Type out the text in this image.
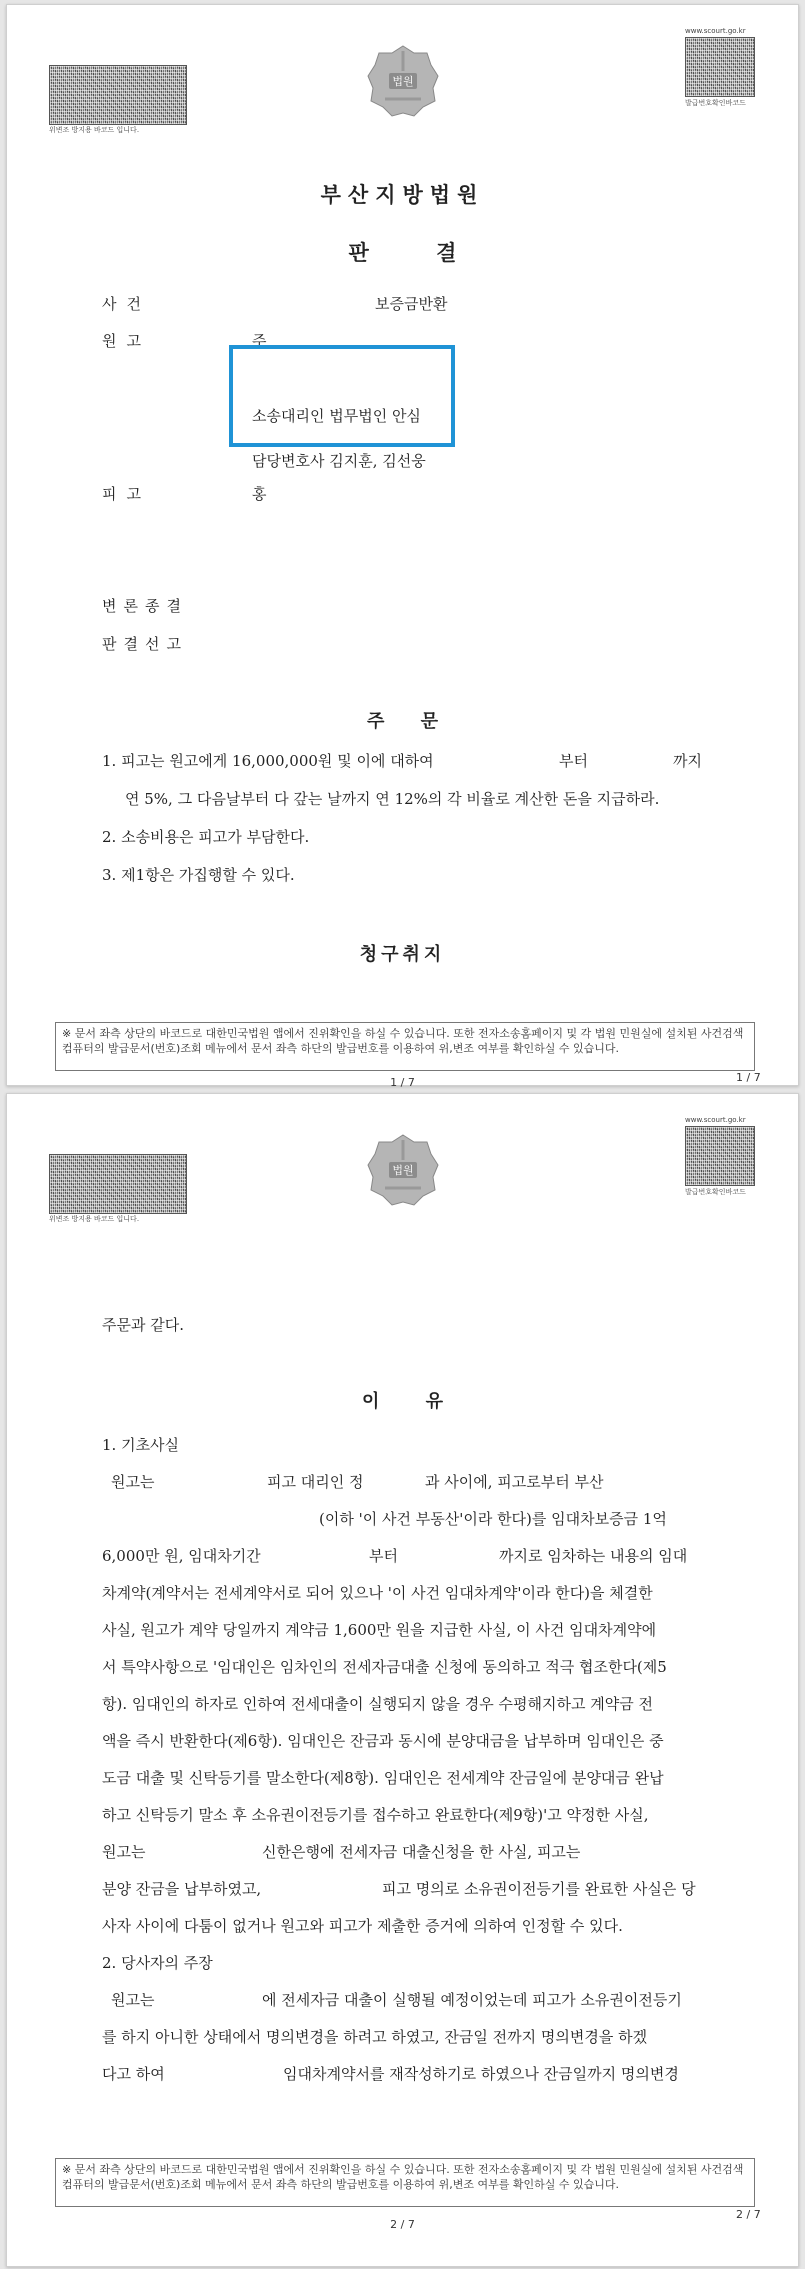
위변조 방지용 바코드 입니다.
법원
www.scourt.go.kr
발급번호확인바코드
부산지방법원
판 결
사건	보증금반환
원고	주
소송대리인 법무법인 안심
담당변호사 김지훈, 김선웅
피고	홍
변론종결
판결선고
주 문
1. 피고는 원고에게 16,000,000원 및 이에 대하여	부터	까지
연 5%, 그 다음날부터 다 갚는 날까지 연 12%의 각 비율로 계산한 돈을 지급하라.
2. 소송비용은 피고가 부담한다.
3. 제1항은 가집행할 수 있다.
청구취지
※ 문서 좌측 상단의 바코드로 대한민국법원 앱에서 진위확인을 하실 수 있습니다. 또한 전자소송홈페이지 및 각 법원 민원실에 설치된 사건검색 컴퓨터의 발급문서(번호)조회 메뉴에서 문서 좌측 하단의 발급번호를 이용하여 위,변조 여부를 확인하실 수 있습니다.
1 / 7	1 / 7
위변조 방지용 바코드 입니다.
법원
www.scourt.go.kr
발급번호확인바코드
주문과 같다.
이 유
1. 기초사실
원고는	피고 대리인 정	과 사이에, 피고로부터 부산
(이하 '이 사건 부동산'이라 한다)를 임대차보증금 1억
6,000만 원, 임대차기간	부터	까지로 임차하는 내용의 임대
차계약(계약서는 전세계약서로 되어 있으나 '이 사건 임대차계약'이라 한다)을 체결한
사실, 원고가 계약 당일까지 계약금 1,600만 원을 지급한 사실, 이 사건 임대차계약에
서 특약사항으로 '임대인은 임차인의 전세자금대출 신청에 동의하고 적극 협조한다(제5
항). 임대인의 하자로 인하여 전세대출이 실행되지 않을 경우 수평해지하고 계약금 전
액을 즉시 반환한다(제6항). 임대인은 잔금과 동시에 분양대금을 납부하며 임대인은 중
도금 대출 및 신탁등기를 말소한다(제8항). 임대인은 전세계약 잔금일에 분양대금 완납
하고 신탁등기 말소 후 소유권이전등기를 접수하고 완료한다(제9항)'고 약정한 사실,
원고는	신한은행에 전세자금 대출신청을 한 사실, 피고는
분양 잔금을 납부하였고,	피고 명의로 소유권이전등기를 완료한 사실은 당
사자 사이에 다툼이 없거나 원고와 피고가 제출한 증거에 의하여 인정할 수 있다.
2. 당사자의 주장
원고는	에 전세자금 대출이 실행될 예정이었는데 피고가 소유권이전등기
를 하지 아니한 상태에서 명의변경을 하려고 하였고, 잔금일 전까지 명의변경을 하겠
다고 하여	임대차계약서를 재작성하기로 하였으나 잔금일까지 명의변경
※ 문서 좌측 상단의 바코드로 대한민국법원 앱에서 진위확인을 하실 수 있습니다. 또한 전자소송홈페이지 및 각 법원 민원실에 설치된 사건검색 컴퓨터의 발급문서(번호)조회 메뉴에서 문서 좌측 하단의 발급번호를 이용하여 위,변조 여부를 확인하실 수 있습니다.
2 / 7
2 / 7
